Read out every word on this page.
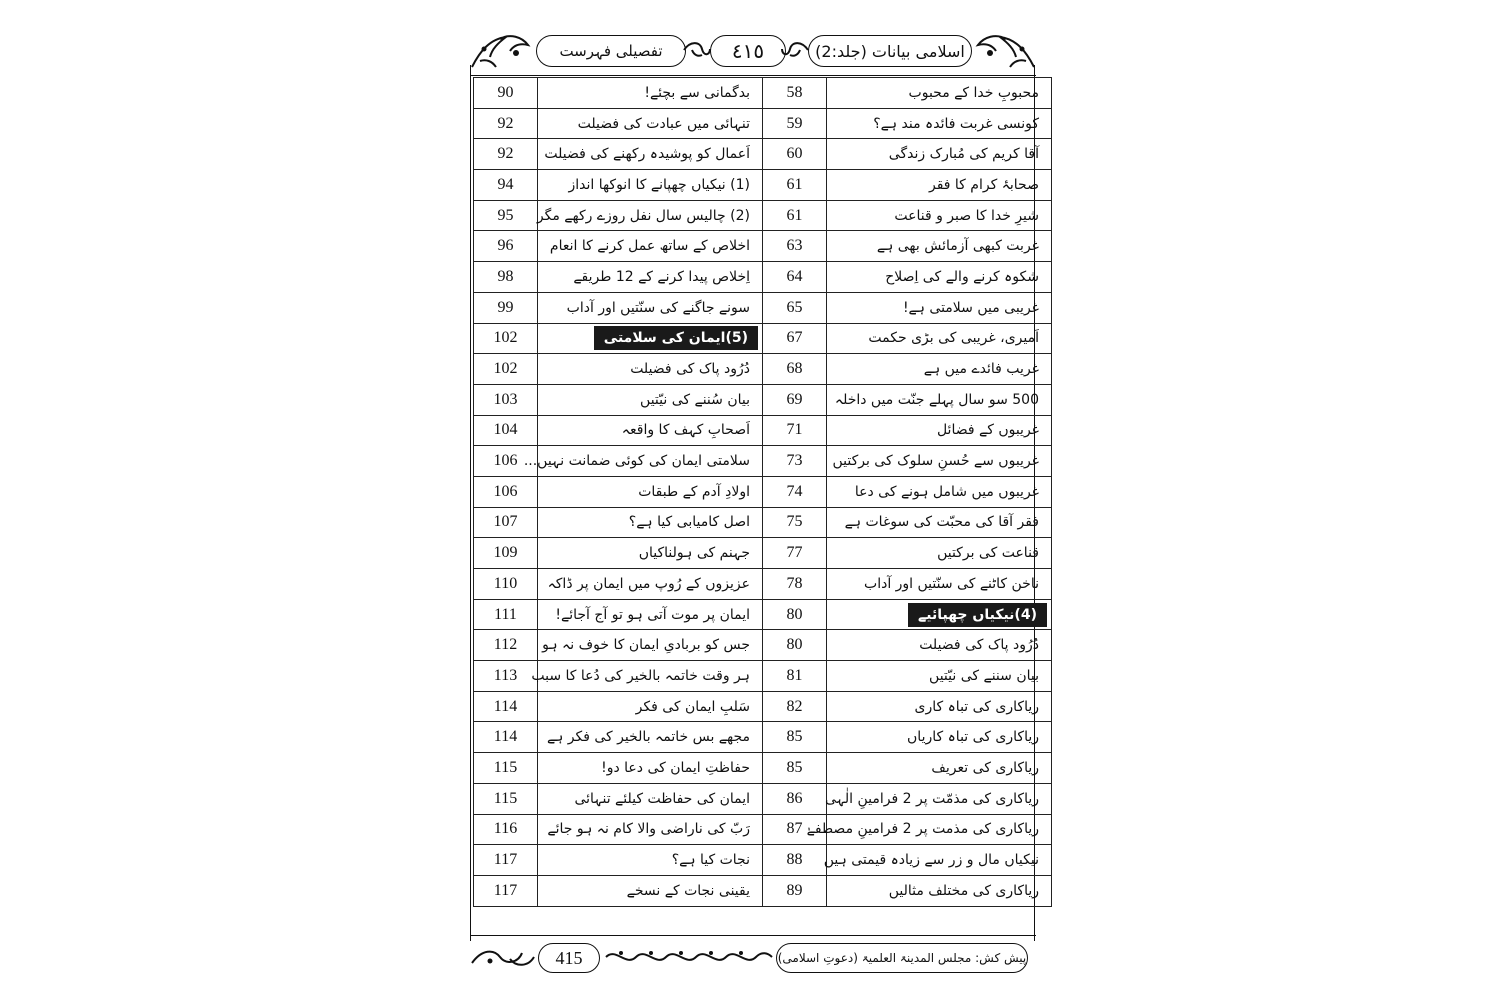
اسلامی بیانات (جلد:2)
٤١٥
تفصیلی فہرست
90	بدگمانی سے بچئے!	58	محبوبِ خدا کے محبوب
92	تنہائی میں عبادت کی فضیلت	59	کونسی غربت فائدہ مند ہے؟
92	اَعمال کو پوشیدہ رکھنے کی فضیلت	60	آقا کریم کی مُبارک زندگی
94	(1) نیکیاں چھپانے کا انوکھا انداز	61	صحابۂ کرام کا فقر
95	(2) چالیس سال نفل روزے رکھے مگر	61	شیرِ خدا کا صبر و قناعت
96	اخلاص کے ساتھ عمل کرنے کا انعام	63	غربت کبھی آزمائش بھی ہے
98	اِخلاص پیدا کرنے کے 12 طریقے	64	شکوہ کرنے والے کی اِصلاح
99	سونے جاگنے کی سنّتیں اور آداب	65	غریبی میں سلامتی ہے!
102	(5)ایمان کی سلامتی	67	اَمیری، غریبی کی بڑی حکمت
102	دُرُود پاک کی فضیلت	68	غریب فائدے میں ہے
103	بیان سُننے کی نیّتیں	69	500 سو سال پہلے جنّت میں داخلہ
104	اَصحابِ کہف کا واقعہ	71	غریبوں کے فضائل
106	سلامتی ایمان کی کوئی ضمانت نہیں...	73	غریبوں سے حُسنِ سلوک کی برکتیں
106	اولادِ آدم کے طبقات	74	غریبوں میں شامل ہونے کی دعا
107	اصل کامیابی کیا ہے؟	75	فقر آقا کی محبّت کی سوغات ہے
109	جہنم کی ہولناکیاں	77	قناعت کی برکتیں
110	عزیزوں کے رُوپ میں ایمان پر ڈاکہ	78	ناخن کاٹنے کی سنّتیں اور آداب
111	ایمان پر موت آتی ہو تو آج آجائے!	80	(4)نیکیاں چھپائیے
112	جس کو بربادیِ ایمان کا خوف نہ ہو	80	دُرُود پاک کی فضیلت
113	ہر وقت خاتمہ بالخیر کی دُعا کا سبب	81	بیان سننے کی نیّتیں
114	سَلبِ ایمان کی فکر	82	ریاکاری کی تباہ کاری
114	مجھے بس خاتمہ بالخیر کی فکر ہے	85	ریاکاری کی تباہ کاریاں
115	حفاظتِ ایمان کی دعا دو!	85	ریاکاری کی تعریف
115	ایمان کی حفاظت کیلئے تنہائی	86	ریاکاری کی مذمّت پر 2 فرامینِ الٰہی
116	رَبّ کی ناراضی والا کام نہ ہو جائے	87	ریاکاری کی مذمت پر 2 فرامینِ مصطفےٰ
117	نجات کیا ہے؟	88	نیکیاں مال و زر سے زیادہ قیمتی ہیں
117	یقینی نجات کے نسخے	89	ریاکاری کی مختلف مثالیں
415	پیش کش: مجلس المدینۃ العلمیۃ (دعوتِ اسلامی)
